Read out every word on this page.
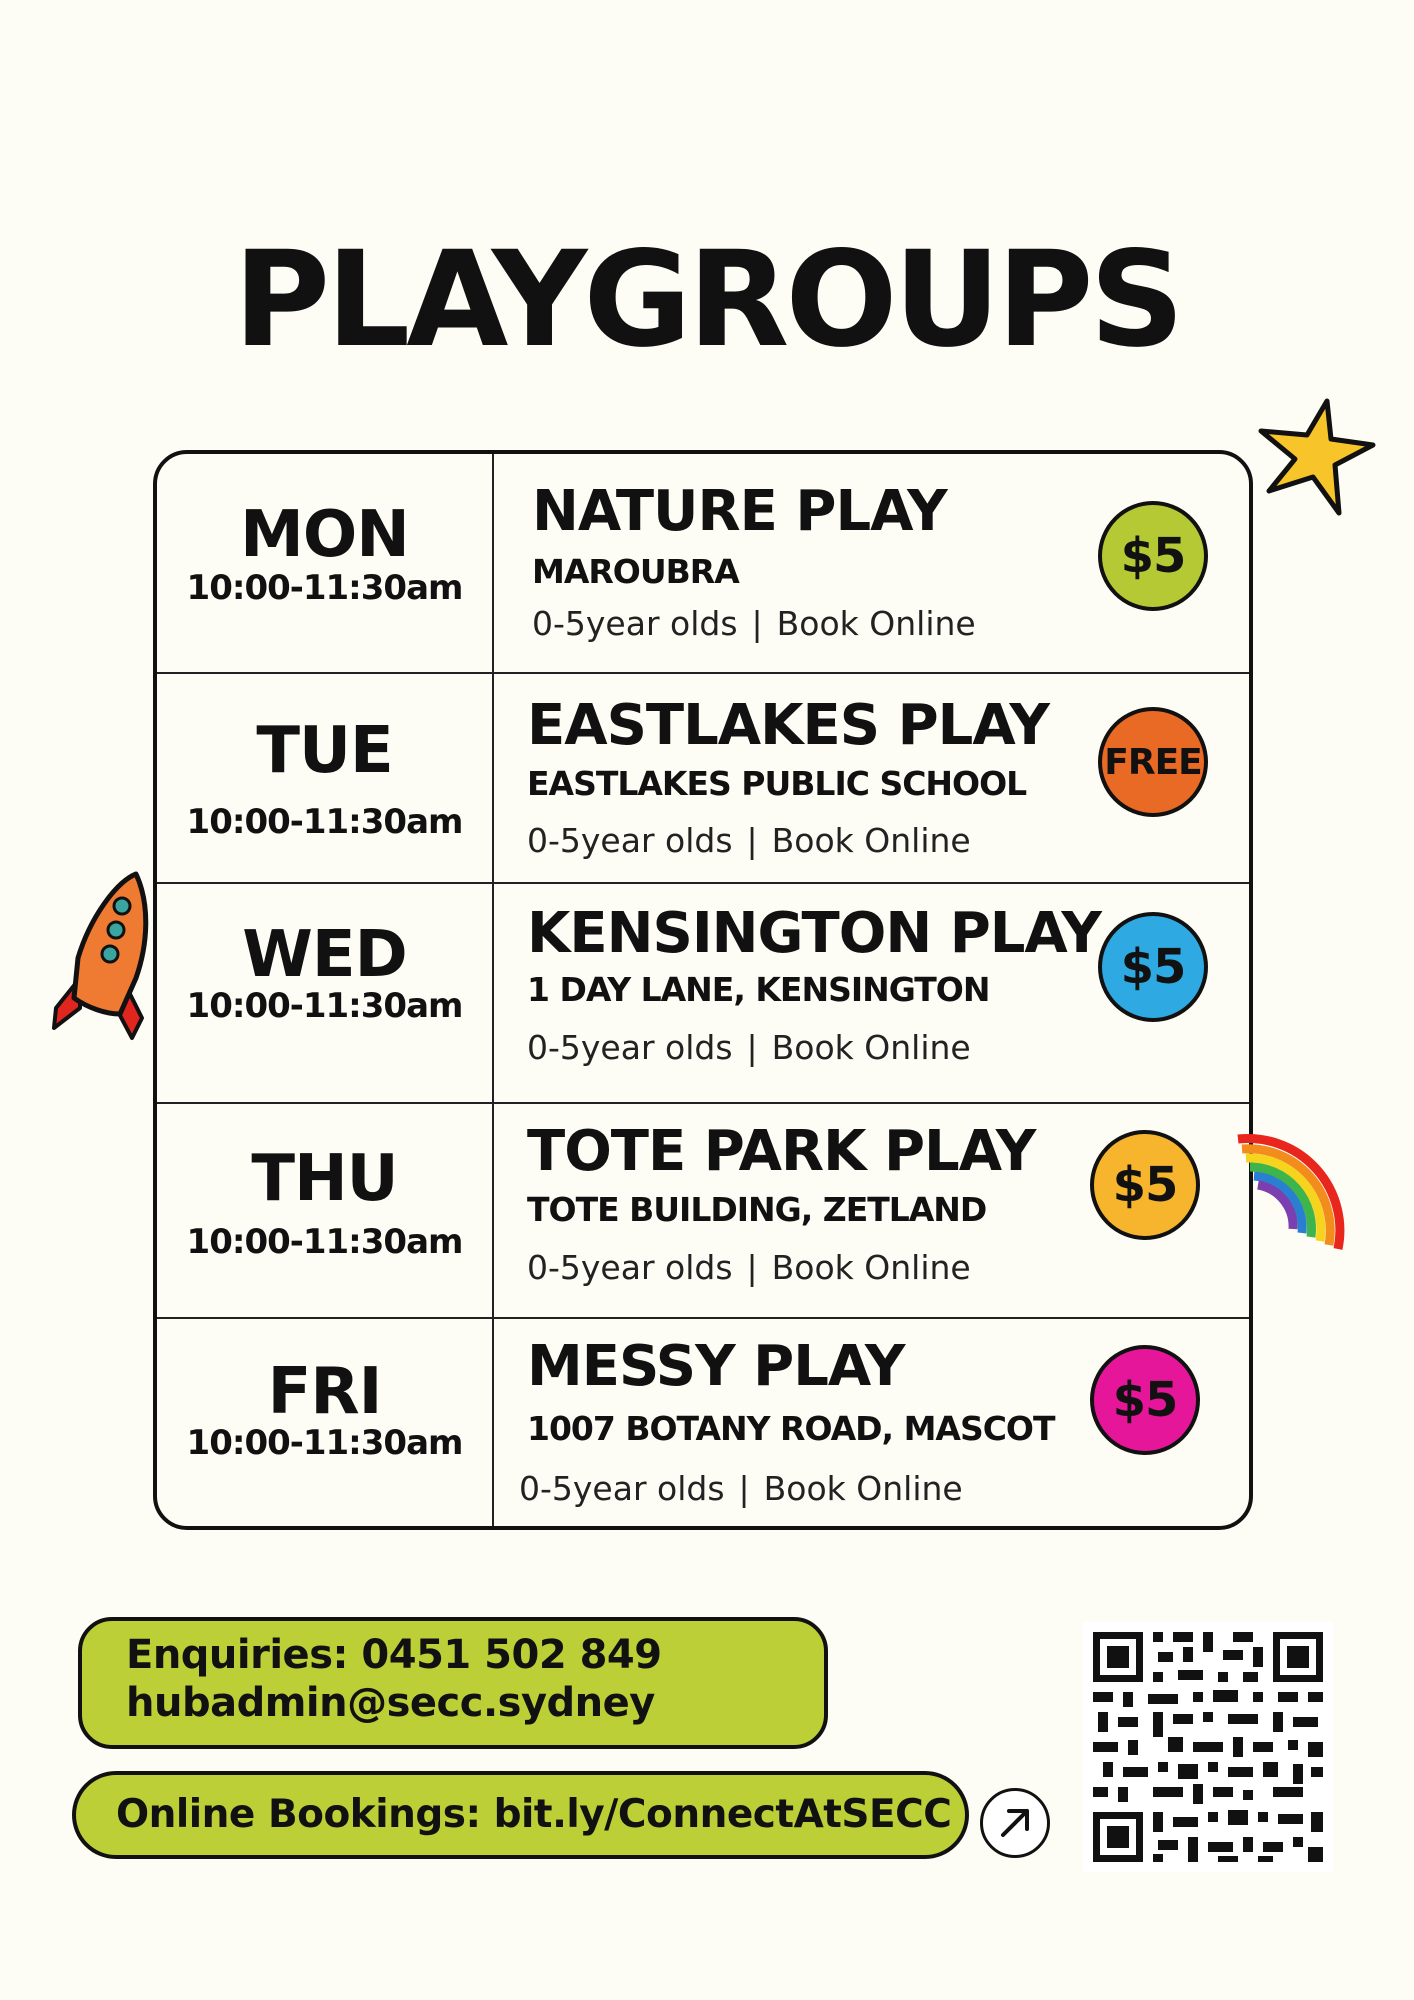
PLAYGROUPS
MON
10:00-11:30am
NATURE PLAY
MAROUBRA
0-5year olds | Book Online
$5
TUE
10:00-11:30am
EASTLAKES PLAY
EASTLAKES PUBLIC SCHOOL
0-5year olds | Book Online
FREE
WED
10:00-11:30am
KENSINGTON PLAY
1 DAY LANE, KENSINGTON
0-5year olds | Book Online
$5
THU
10:00-11:30am
TOTE PARK PLAY
TOTE BUILDING, ZETLAND
0-5year olds | Book Online
$5
FRI
10:00-11:30am
MESSY PLAY
1007 BOTANY ROAD, MASCOT
0-5year olds | Book Online
$5
Enquiries: 0451 502 849
hubadmin@secc.sydney
Online Bookings: bit.ly/ConnectAtSECC
